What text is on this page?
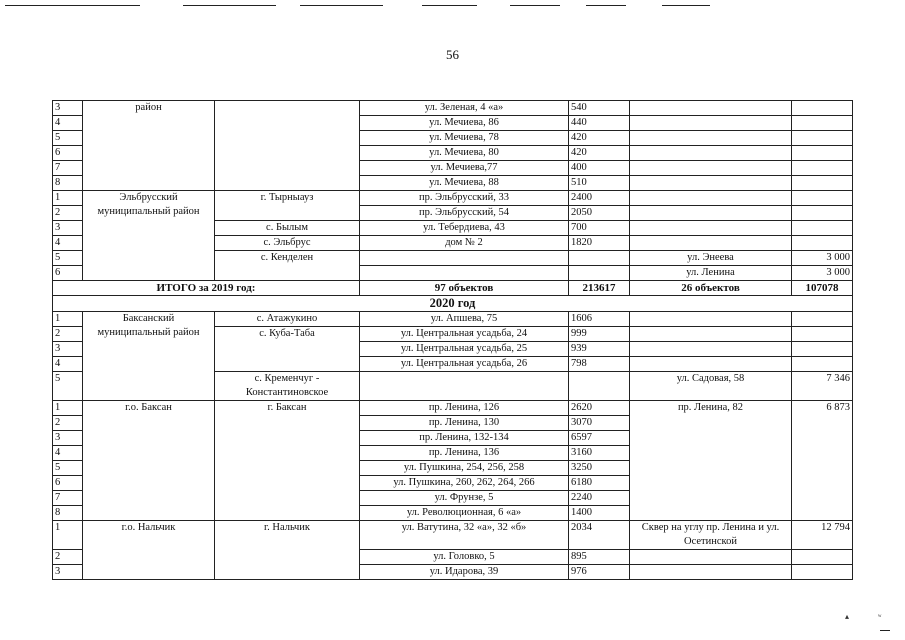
56
3	район		ул. Зеленая, 4 «а»	540		
4			ул. Мечиева, 86	440		
5			ул. Мечиева, 78	420		
6			ул. Мечиева, 80	420		
7			ул. Мечиева,77	400		
8			ул. Мечиева, 88	510		
1	Эльбрусский муниципальный район	г. Тырныауз	пр. Эльбрусский, 33	2400		
2			пр. Эльбрусский, 54	2050		
3		с. Былым	ул. Тебердиева, 43	700		
4		с. Эльбрус	дом № 2	1820		
5		с. Кенделен			ул. Энеева	3 000
6					ул. Ленина	3 000
ИТОГО за 2019 год:			97 объектов	213617	26 объектов	107078
2020 год						
1	Баксанский муниципальный район	с. Атажукино	ул. Апшева, 75	1606		
2		с. Куба-Таба	ул. Центральная усадьба, 24	999		
3			ул. Центральная усадьба, 25	939		
4			ул. Центральная усадьба, 26	798		
5		с. Кременчуг - Константиновское			ул. Садовая, 58	7 346
1	г.о. Баксан	г. Баксан	пр. Ленина, 126	2620	пр. Ленина, 82	6 873
2			пр. Ленина, 130	3070		
3			пр. Ленина, 132-134	6597		
4			пр. Ленина, 136	3160		
5			ул. Пушкина, 254, 256, 258	3250		
6			ул. Пушкина, 260, 262, 264, 266	6180		
7			ул. Фрунзе, 5	2240		
8			ул. Революционная, 6 «а»	1400		
1	г.о. Нальчик	г. Нальчик	ул. Ватутина, 32 «а», 32 «б»	2034	Сквер на углу пр. Ленина и ул. Осетинской	12 794
2			ул. Головко, 5	895		
3			ул. Идарова, 39	976		
▴	ʷ
